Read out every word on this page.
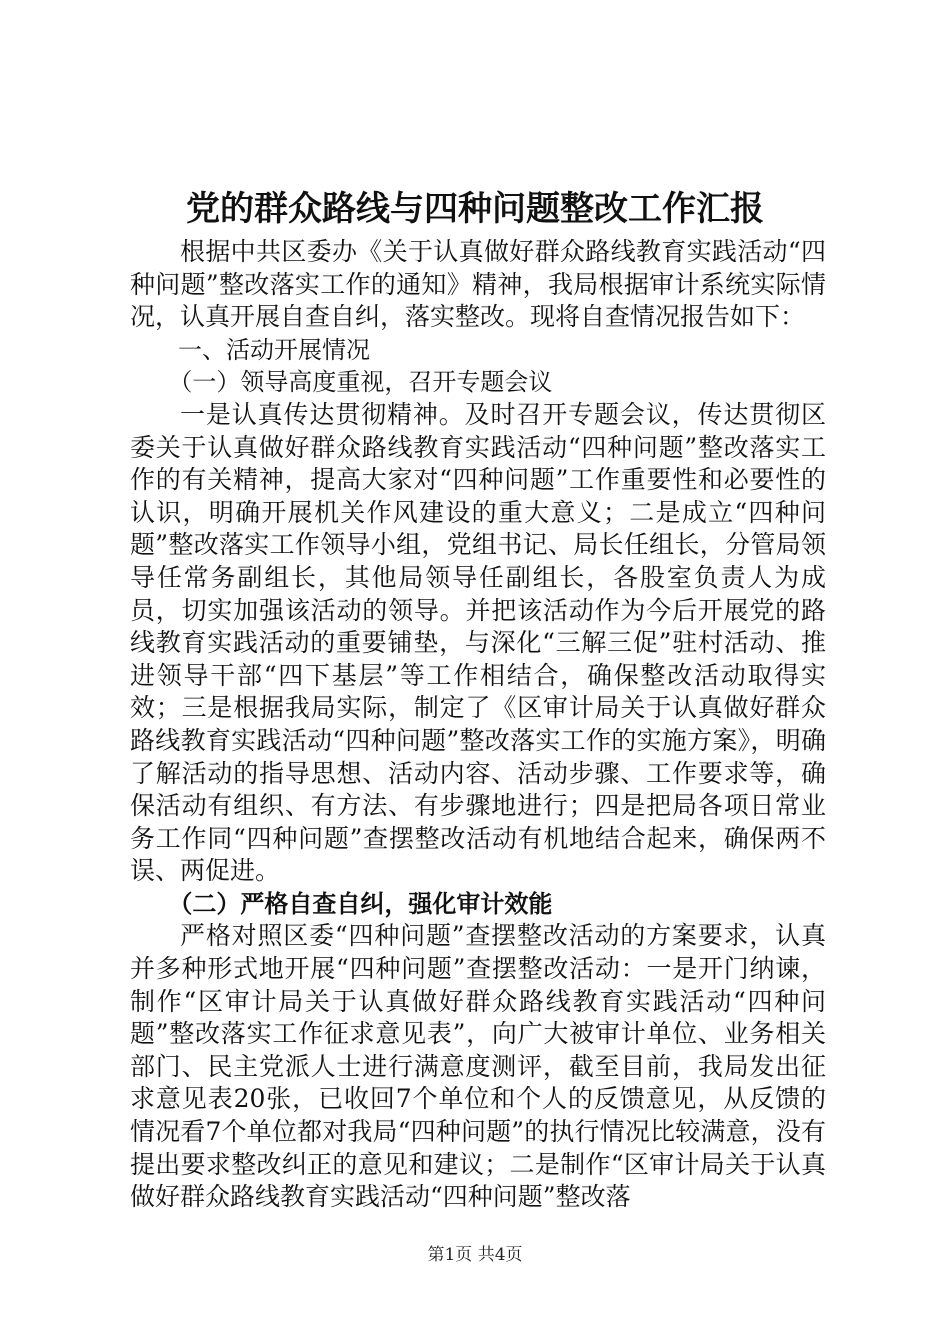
党的群众路线与四种问题整改工作汇报

根据中共区委办《关于认真做好群众路线教育实践活动“四种问题”整改落实工作的通知》精神，我局根据审计系统实际情况，认真开展自查自纠，落实整改。现将自查情况报告如下：

一、活动开展情况

（一）领导高度重视，召开专题会议

一是认真传达贯彻精神。及时召开专题会议，传达贯彻区委关于认真做好群众路线教育实践活动“四种问题”整改落实工作的有关精神，提高大家对“四种问题”工作重要性和必要性的认识，明确开展机关作风建设的重大意义；二是成立“四种问题”整改落实工作领导小组，党组书记、局长任组长，分管局领导任常务副组长，其他局领导任副组长，各股室负责人为成员，切实加强该活动的领导。并把该活动作为今后开展党的路线教育实践活动的重要铺垫，与深化“三解三促”驻村活动、推进领导干部“四下基层”等工作相结合，确保整改活动取得实效；三是根据我局实际，制定了《区审计局关于认真做好群众路线教育实践活动“四种问题”整改落实工作的实施方案》，明确了解活动的指导思想、活动内容、活动步骤、工作要求等，确保活动有组织、有方法、有步骤地进行；四是把局各项日常业务工作同“四种问题”查摆整改活动有机地结合起来，确保两不误、两促进。

（二）严格自查自纠，强化审计效能

严格对照区委“四种问题”查摆整改活动的方案要求，认真并多种形式地开展“四种问题”查摆整改活动：一是开门纳谏，制作“区审计局关于认真做好群众路线教育实践活动“四种问题”整改落实工作征求意见表”，向广大被审计单位、业务相关部门、民主党派人士进行满意度测评，截至目前，我局发出征求意见表20张，已收回7个单位和个人的反馈意见，从反馈的情况看7个单位都对我局“四种问题”的执行情况比较满意，没有提出要求整改纠正的意见和建议；二是制作“区审计局关于认真做好群众路线教育实践活动“四种问题”整改落

第1页 共4页
